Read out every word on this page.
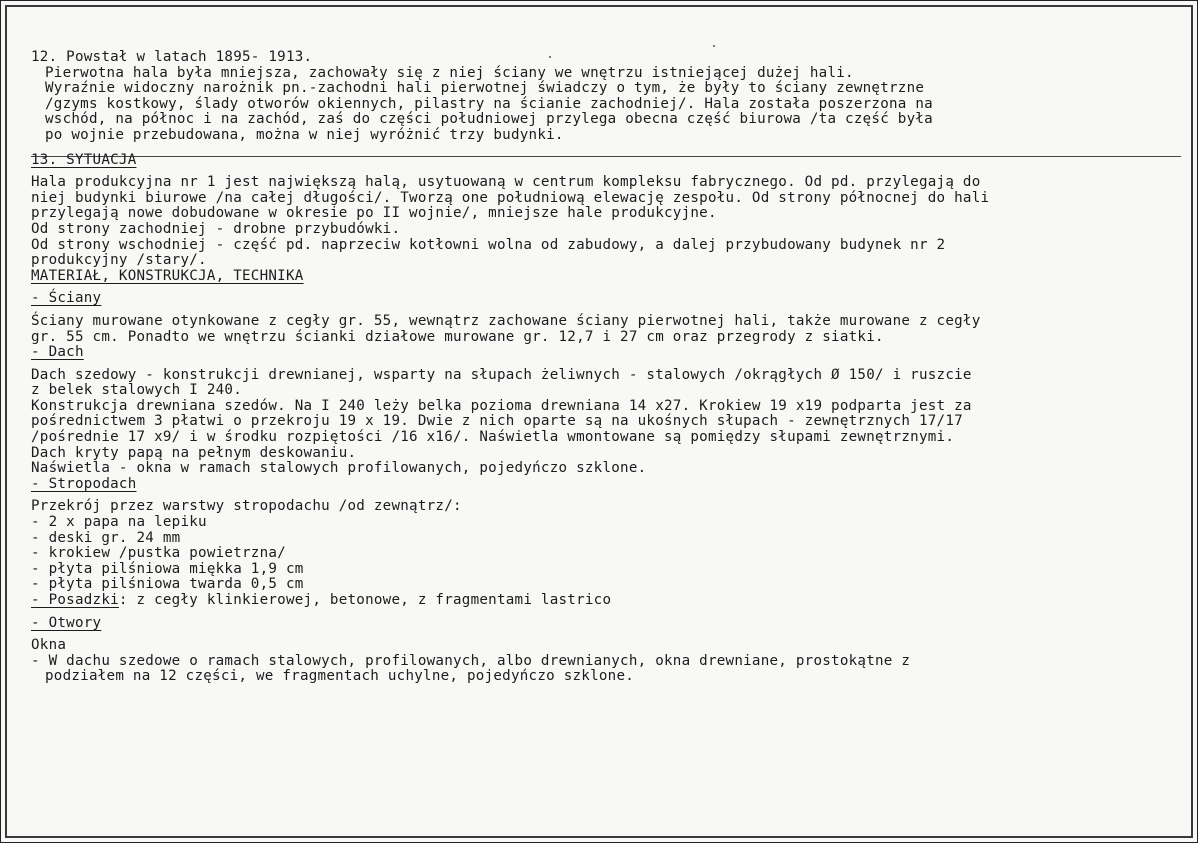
12. Powstał w latach 1895- 1913.
Pierwotna hala była mniejsza, zachowały się z niej ściany we wnętrzu istniejącej dużej hali.
Wyraźnie widoczny narożnik pn.-zachodni hali pierwotnej świadczy o tym, że były to ściany zewnętrzne
/gzyms kostkowy, ślady otworów okiennych, pilastry na ścianie zachodniej/. Hala została poszerzona na
wschód, na północ i na zachód, zaś do części południowej przylega obecna część biurowa /ta część była
po wojnie przebudowana, można w niej wyróżnić trzy budynki.
13. SYTUACJA
Hala produkcyjna nr 1 jest największą halą, usytuowaną w centrum kompleksu fabrycznego. Od pd. przylegają do
niej budynki biurowe /na całej długości/. Tworzą one południową elewację zespołu. Od strony północnej do hali
przylegają nowe dobudowane w okresie po II wojnie/, mniejsze hale produkcyjne.
Od strony zachodniej - drobne przybudówki.
Od strony wschodniej - część pd. naprzeciw kotłowni wolna od zabudowy, a dalej przybudowany budynek nr 2
produkcyjny /stary/.
MATERIAŁ, KONSTRUKCJA, TECHNIKA
- Ściany
Ściany murowane otynkowane z cegły gr. 55, wewnątrz zachowane ściany pierwotnej hali, także murowane z cegły
gr. 55 cm. Ponadto we wnętrzu ścianki działowe murowane gr. 12,7 i 27 cm oraz przegrody z siatki.
- Dach
Dach szedowy - konstrukcji drewnianej, wsparty na słupach żeliwnych - stalowych /okrągłych Ø 150/ i ruszcie
z belek stalowych I 240.
Konstrukcja drewniana szedów. Na I 240 leży belka pozioma drewniana 14 x27. Krokiew 19 x19 podparta jest za
pośrednictwem 3 płatwi o przekroju 19 x 19. Dwie z nich oparte są na ukośnych słupach - zewnętrznych 17/17
/pośrednie 17 x9/ i w środku rozpiętości /16 x16/. Naświetla wmontowane są pomiędzy słupami zewnętrznymi.
Dach kryty papą na pełnym deskowaniu.
Naświetla - okna w ramach stalowych profilowanych, pojedyńczo szklone.
- Stropodach
Przekrój przez warstwy stropodachu /od zewnątrz/:
- 2 x papa na lepiku
- deski gr. 24 mm
- krokiew /pustka powietrzna/
- płyta pilśniowa miękka 1,9 cm
- płyta pilśniowa twarda 0,5 cm
- Posadzki: z cegły klinkierowej, betonowe, z fragmentami lastrico
- Otwory
Okna
- W dachu szedowe o ramach stalowych, profilowanych, albo drewnianych, okna drewniane, prostokątne z
podziałem na 12 części, we fragmentach uchylne, pojedyńczo szklone.
